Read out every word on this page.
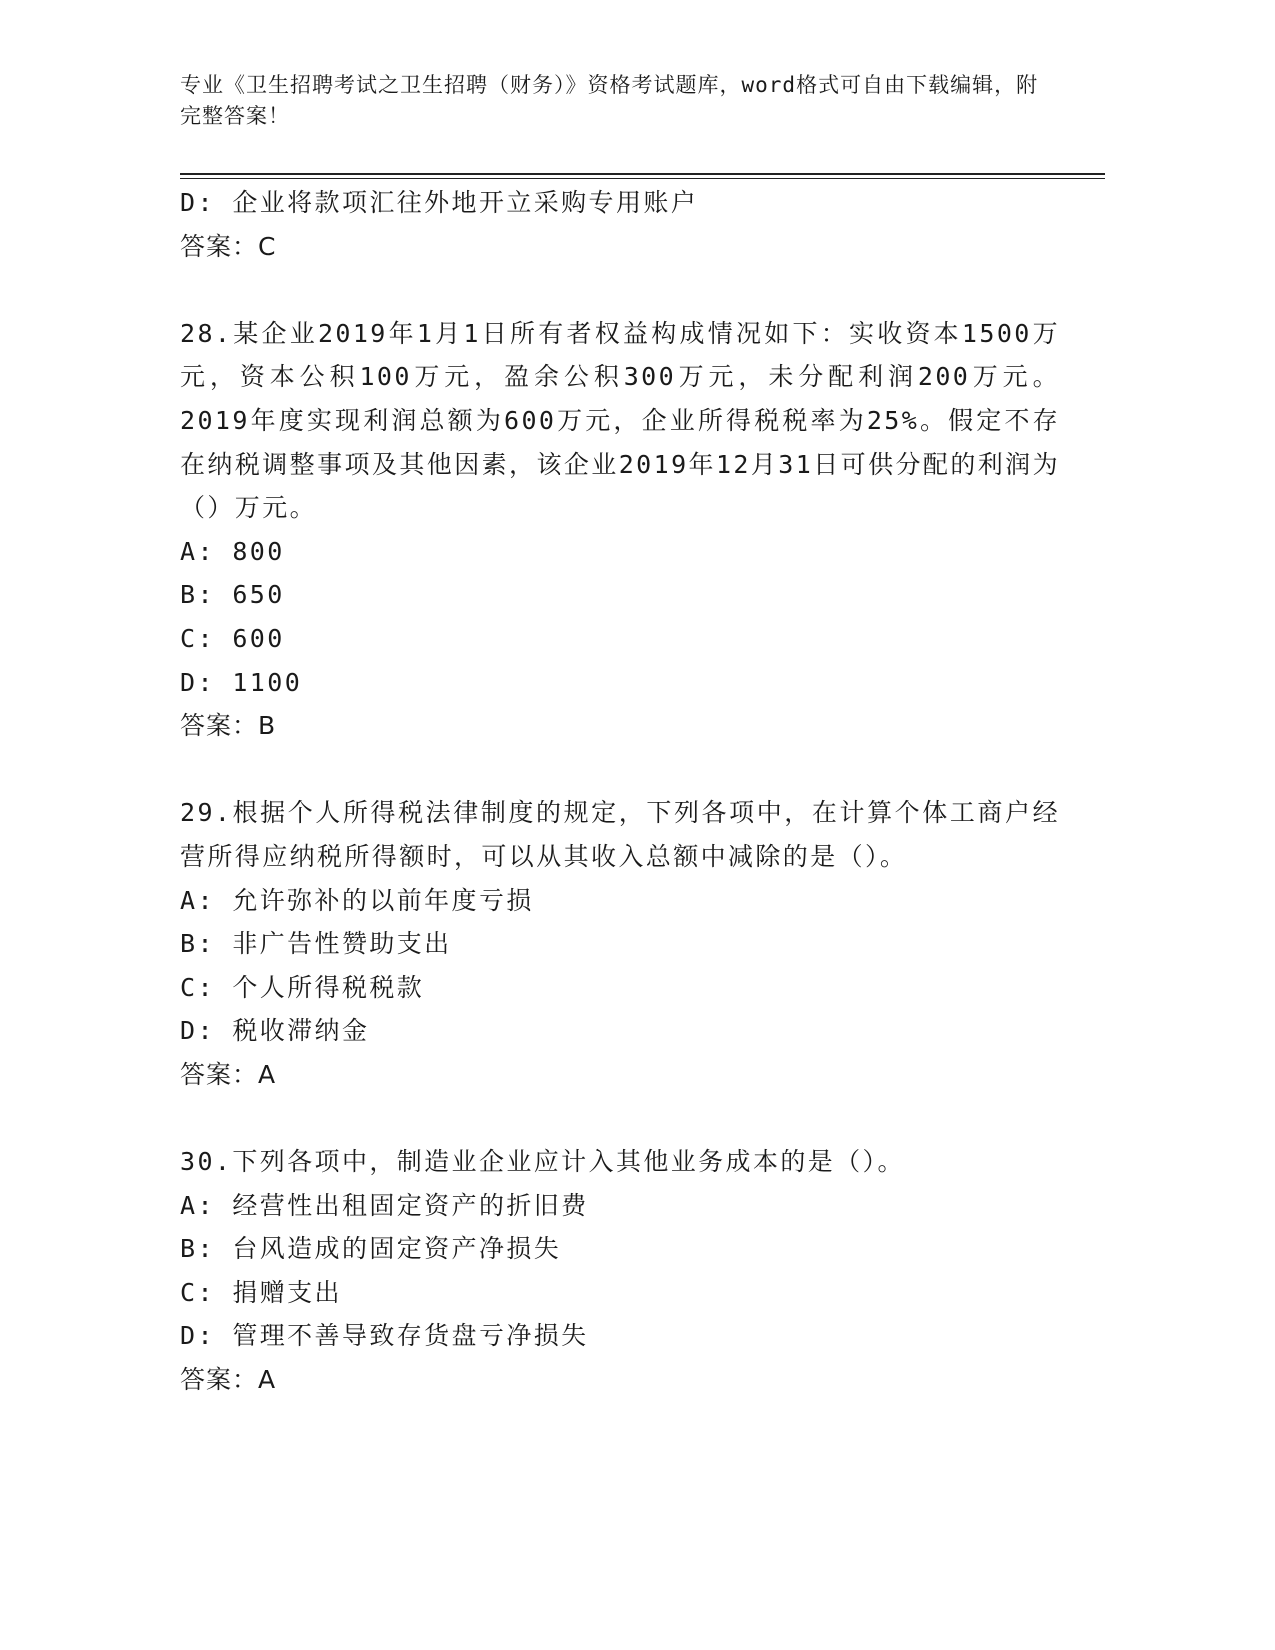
专业《卫生招聘考试之卫生招聘（财务）》资格考试题库，word格式可自由下载编辑，附完整答案！

D: 企业将款项汇往外地开立采购专用账户

答案：C

28.某企业2019年1月1日所有者权益构成情况如下：实收资本1500万元，资本公积100万元，盈余公积300万元，未分配利润200万元。2019年度实现利润总额为600万元，企业所得税税率为25%。假定不存在纳税调整事项及其他因素，该企业2019年12月31日可供分配的利润为（）万元。

A: 800

B: 650

C: 600

D: 1100

答案：B

29.根据个人所得税法律制度的规定，下列各项中，在计算个体工商户经营所得应纳税所得额时，可以从其收入总额中减除的是（）。

A: 允许弥补的以前年度亏损

B: 非广告性赞助支出

C: 个人所得税税款

D: 税收滞纳金

答案：A

30.下列各项中，制造业企业应计入其他业务成本的是（）。

A: 经营性出租固定资产的折旧费

B: 台风造成的固定资产净损失

C: 捐赠支出

D: 管理不善导致存货盘亏净损失

答案：A
